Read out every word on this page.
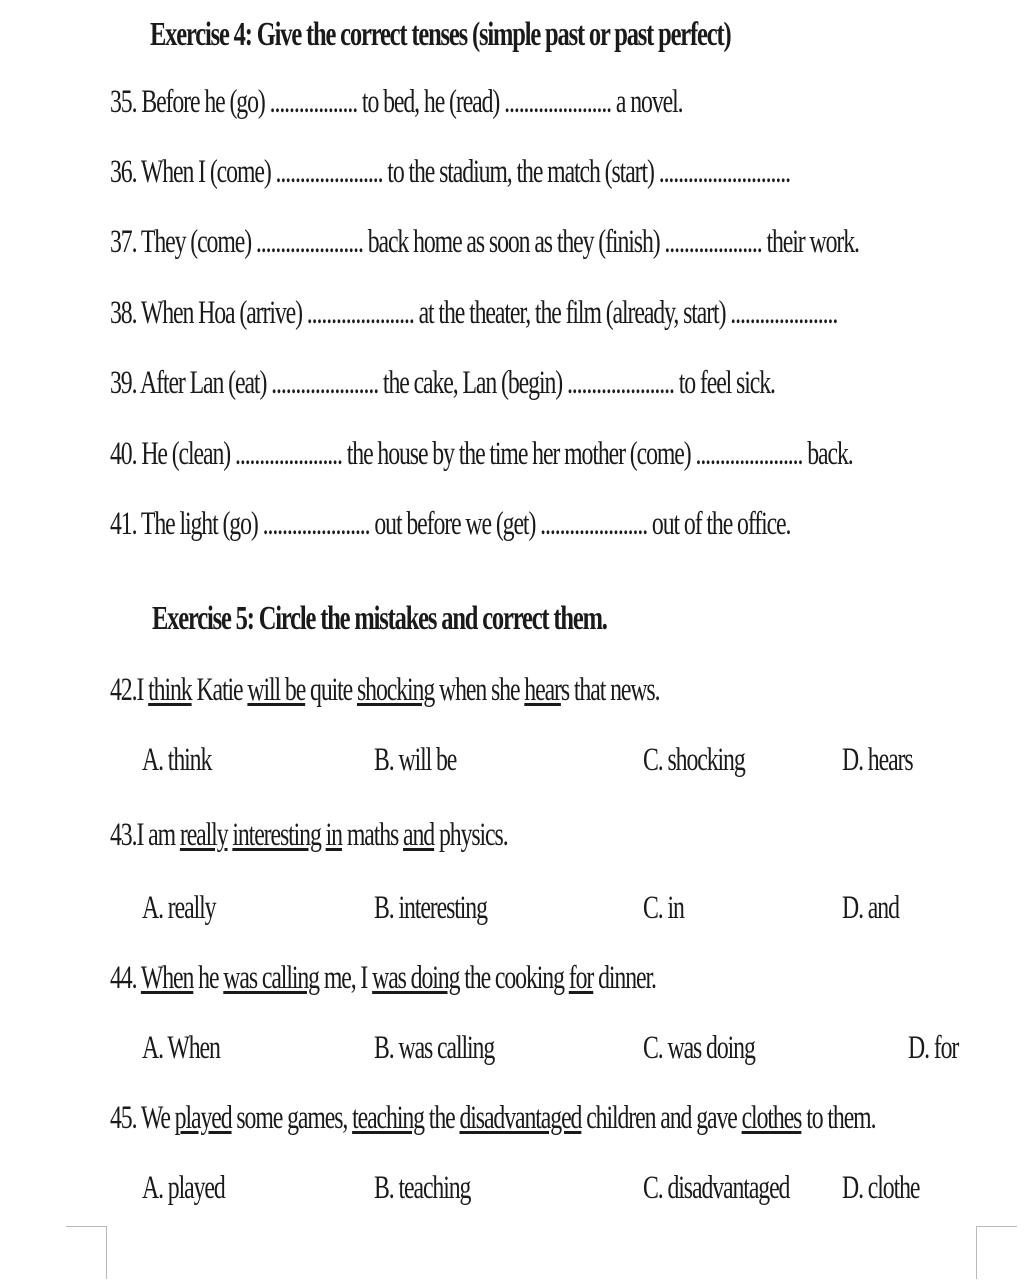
Exercise 4: Give the correct tenses (simple past or past perfect)
35. Before he (go) .................. to bed, he (read) ...................... a novel.
36. When I (come) ...................... to the stadium, the match (start) ...........................
37. They (come) ...................... back home as soon as they (finish) .................... their work.
38. When Hoa (arrive) ...................... at the theater, the film (already, start) ......................
39. After Lan (eat) ...................... the cake, Lan (begin) ...................... to feel sick.
40. He (clean) ...................... the house by the time her mother (come) ...................... back.
41. The light (go) ...................... out before we (get) ...................... out of the office.
Exercise 5: Circle the mistakes and correct them.
42.I think Katie will be quite shocking when she hears that news.
A. think	B. will be	C. shocking	D. hears
43.I am really interesting in maths and physics.
A. really	B. interesting	C. in	D. and
44. When he was calling me, I was doing the cooking for dinner.
A. When	B. was calling	C. was doing	D. for
45. We played some games, teaching the disadvantaged children and gave clothes to them.
A. played	B. teaching	C. disadvantaged D. clothe
